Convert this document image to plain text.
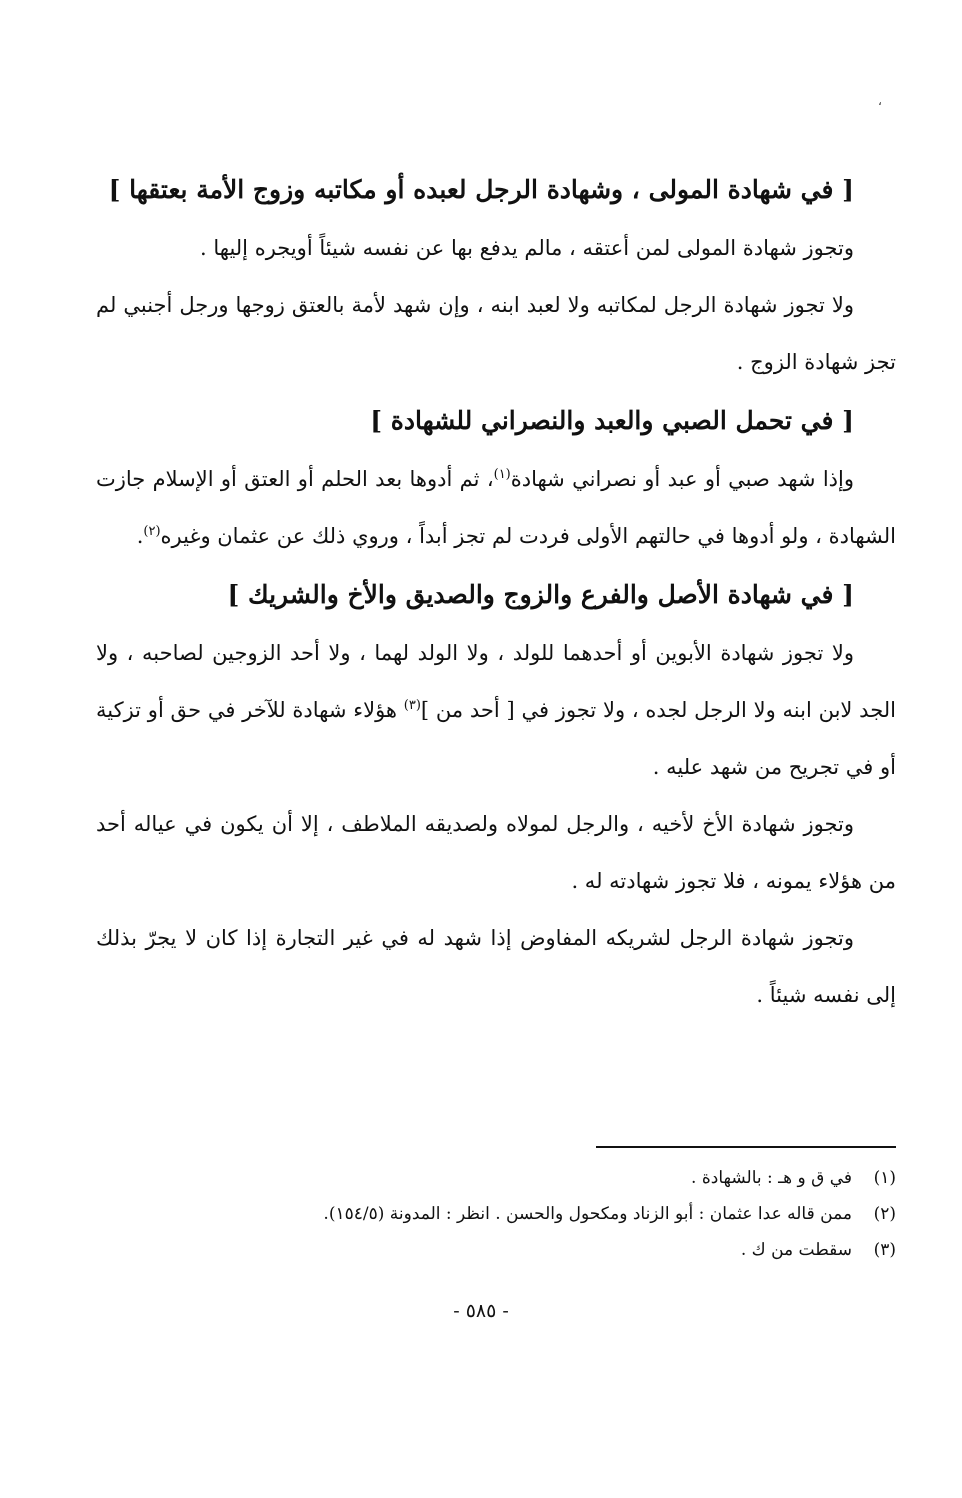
،

[ في شهادة المولى ، وشهادة الرجل لعبده أو مكاتبه وزوج الأمة بعتقها ]

وتجوز شهادة المولى لمن أعتقه ، مالم يدفع بها عن نفسه شيئاً أويجره إليها .

ولا تجوز شهادة الرجل لمكاتبه ولا لعبد ابنه ، وإن شهد لأمة بالعتق زوجها ورجل أجنبي لم تجز شهادة الزوج .

[ في تحمل الصبي والعبد والنصراني للشهادة ]

وإذا شهد صبي أو عبد أو نصراني شهادة$^{(١)}$، ثم أدوها بعد الحلم أو العتق أو الإسلام جازت الشهادة ، ولو أدوها في حالتهم الأولى فردت لم تجز أبداً ، وروي ذلك عن عثمان وغيره$^{(٢)}$.

[ في شهادة الأصل والفرع والزوج والصديق والأخ والشريك ]

ولا تجوز شهادة الأبوين أو أحدهما للولد ، ولا الولد لهما ، ولا أحد الزوجين لصاحبه ، ولا الجد لابن ابنه ولا الرجل لجده ، ولا تجوز في [ أحد من ]$^{(٣)}$ هؤلاء شهادة للآخر في حق أو تزكية أو في تجريح من شهد عليه .

وتجوز شهادة الأخ لأخيه ، والرجل لمولاه ولصديقه الملاطف ، إلا أن يكون في عياله أحد من هؤلاء يمونه ، فلا تجوز شهادته له .

وتجوز شهادة الرجل لشريكه المفاوض إذا شهد له في غير التجارة إذا كان لا يجرّ بذلك إلى نفسه شيئاً .

(١)في ق و هـ : بالشهادة .

(٢)ممن قاله عدا عثمان : أبو الزناد ومكحول والحسن . انظر : المدونة (١٥٤/٥).

(٣)سقطت من ك .

- ٥٨٥ -
